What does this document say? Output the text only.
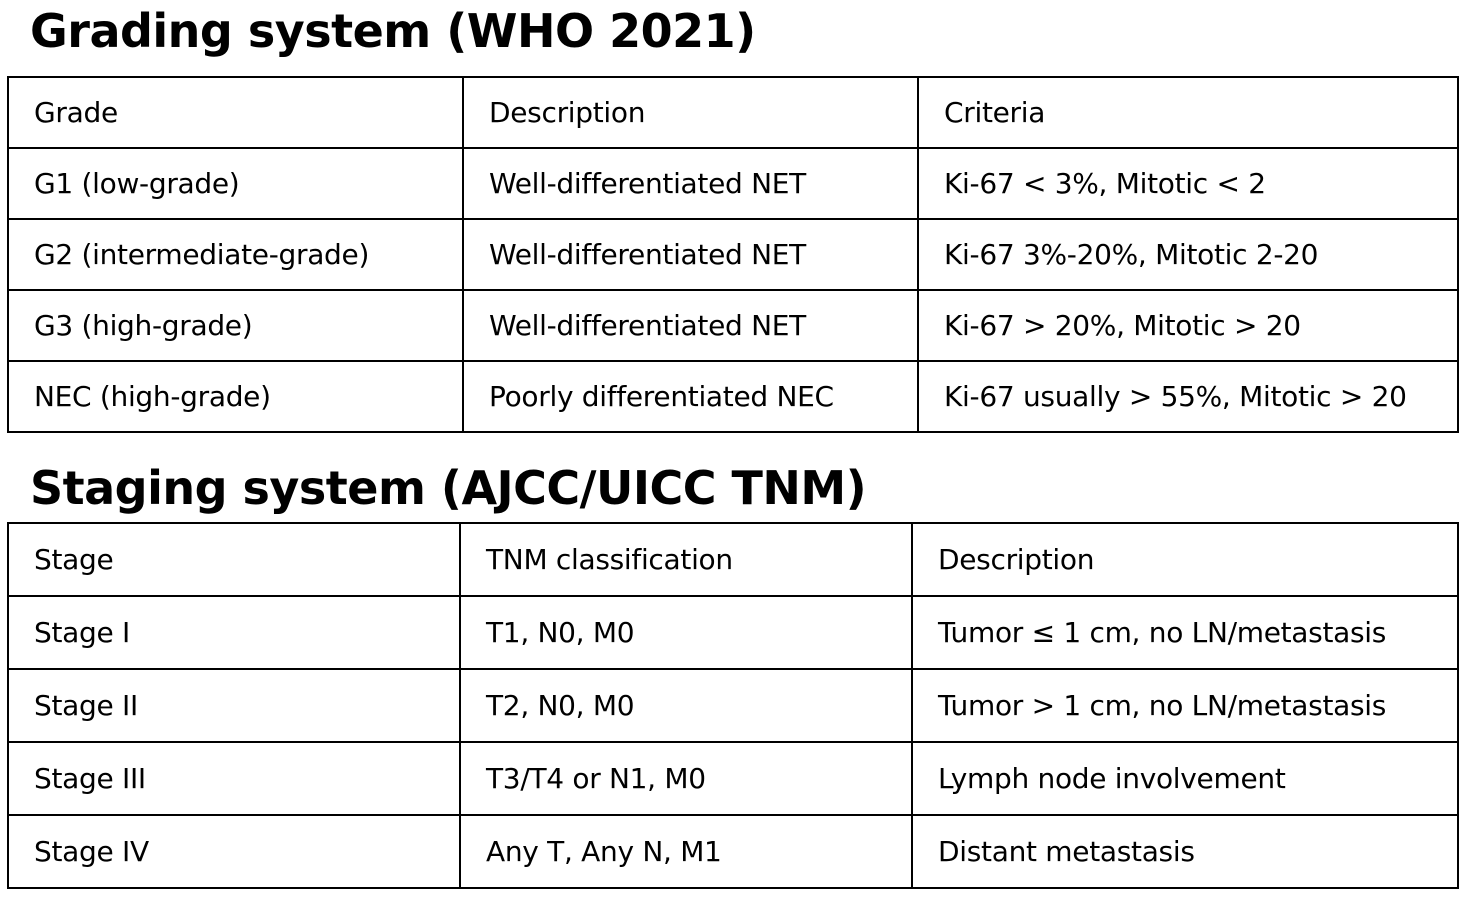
Grading system (WHO 2021)
Grade	Description	Criteria
G1 (low-grade)	Well-differentiated NET	Ki-67 < 3%, Mitotic < 2
G2 (intermediate-grade)	Well-differentiated NET	Ki-67 3%-20%, Mitotic 2-20
G3 (high-grade)	Well-differentiated NET	Ki-67 > 20%, Mitotic > 20
NEC (high-grade)	Poorly differentiated NEC	Ki-67 usually > 55%, Mitotic > 20
Staging system (AJCC/UICC TNM)
Stage	TNM classification	Description
Stage I	T1, N0, M0	Tumor ≤ 1 cm, no LN/metastasis
Stage II	T2, N0, M0	Tumor > 1 cm, no LN/metastasis
Stage III	T3/T4 or N1, M0	Lymph node involvement
Stage IV	Any T, Any N, M1	Distant metastasis
